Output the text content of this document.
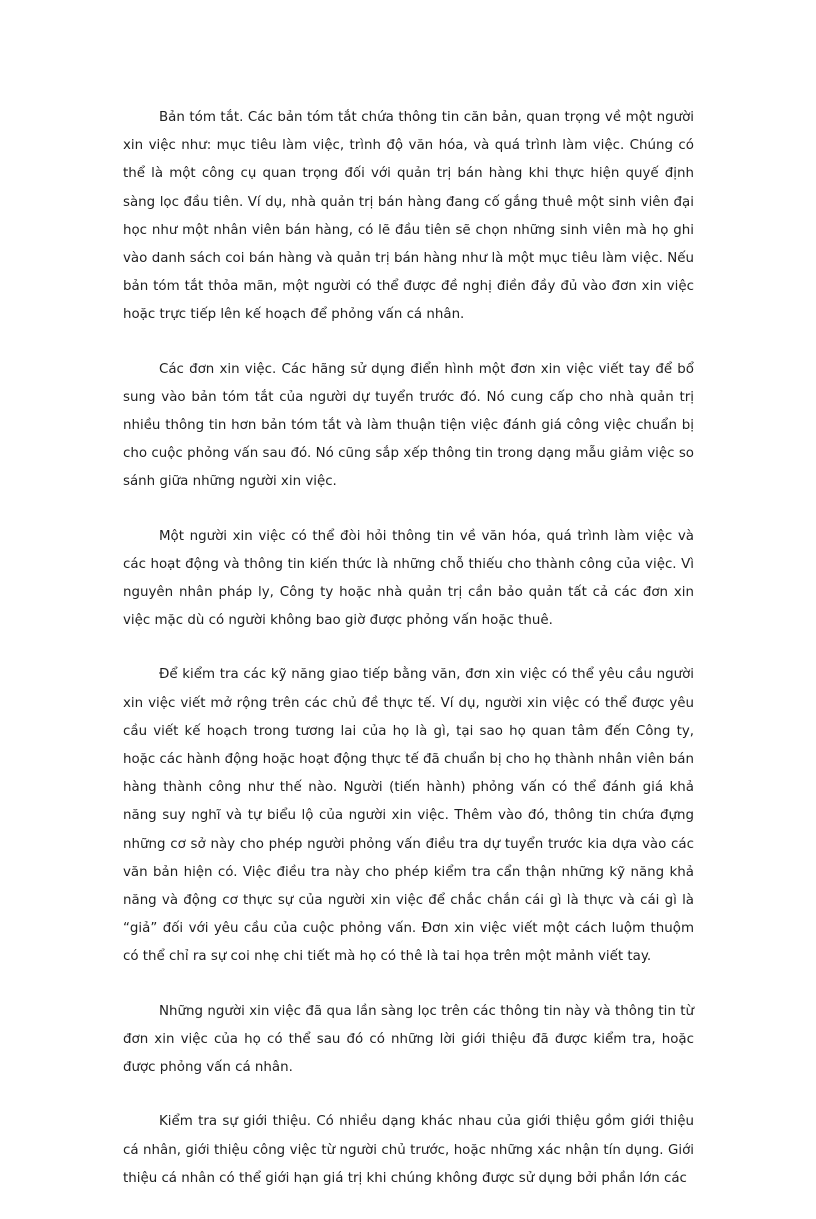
Bản tóm tắt. Các bản tóm tắt chứa thông tin căn bản, quan trọng về một người xin việc như: mục tiêu làm việc, trình độ văn hóa, và quá trình làm việc. Chúng có thể là một công cụ quan trọng đối với quản trị bán hàng khi thực hiện quyế định sàng lọc đầu tiên. Ví dụ, nhà quản trị bán hàng đang cố gắng thuê một sinh viên đại học như một nhân viên bán hàng, có lẽ đầu tiên sẽ chọn những sinh viên mà họ ghi vào danh sách coi bán hàng và quản trị bán hàng như là một mục tiêu làm việc. Nếu bản tóm tắt thỏa mãn, một người có thể được đề nghị điền đầy đủ vào đơn xin việc hoặc trực tiếp lên kế hoạch để phỏng vấn cá nhân.

Các đơn xin việc. Các hãng sử dụng điển hình một đơn xin việc viết tay để bổ sung vào bản tóm tắt của người dự tuyển trước đó. Nó cung cấp cho nhà quản trị nhiều thông tin hơn bản tóm tắt và làm thuận tiện việc đánh giá công việc chuẩn bị cho cuộc phỏng vấn sau đó. Nó cũng sắp xếp thông tin trong dạng mẫu giảm việc so sánh giữa những người xin việc.

Một người xin việc có thể đòi hỏi thông tin về văn hóa, quá trình làm việc và các hoạt động và thông tin kiến thức là những chỗ thiếu cho thành công của việc. Vì nguyên nhân pháp ly, Công ty hoặc nhà quản trị cần bảo quản tất cả các đơn xin việc mặc dù có người không bao giờ được phỏng vấn hoặc thuê.

Để kiểm tra các kỹ năng giao tiếp bằng văn, đơn xin việc có thể yêu cầu người xin việc viết mở rộng trên các chủ đề thực tế. Ví dụ, người xin việc có thể được yêu cầu viết kế hoạch trong tương lai của họ là gì, tại sao họ quan tâm đến Công ty, hoặc các hành động hoặc hoạt động thực tế đã chuẩn bị cho họ thành nhân viên bán hàng thành công như thế nào. Người (tiến hành) phỏng vấn có thể đánh giá khả năng suy nghĩ và tự biểu lộ của người xin việc. Thêm vào đó, thông tin chứa đựng những cơ sở này cho phép người phỏng vấn điều tra dự tuyển trước kia dựa vào các văn bản hiện có. Việc điều tra này cho phép kiểm tra cẩn thận những kỹ năng khả năng và động cơ thực sự của người xin việc để chắc chắn cái gì là thực và cái gì là “giả” đối với yêu cầu của cuộc phỏng vấn. Đơn xin việc viết một cách luộm thuộm có thể chỉ ra sự coi nhẹ chi tiết mà họ có thê là tai họa trên một mảnh viết tay.

Những người xin việc đã qua lần sàng lọc trên các thông tin này và thông tin từ đơn xin việc của họ có thể sau đó có những lời giới thiệu đã được kiểm tra, hoặc được phỏng vấn cá nhân.

Kiểm tra sự giới thiệu. Có nhiều dạng khác nhau của giới thiệu gồm giới thiệu cá nhân, giới thiệu công việc từ người chủ trước, hoặc những xác nhận tín dụng. Giới thiệu cá nhân có thể giới hạn giá trị khi chúng không được sử dụng bởi phần lớn các
